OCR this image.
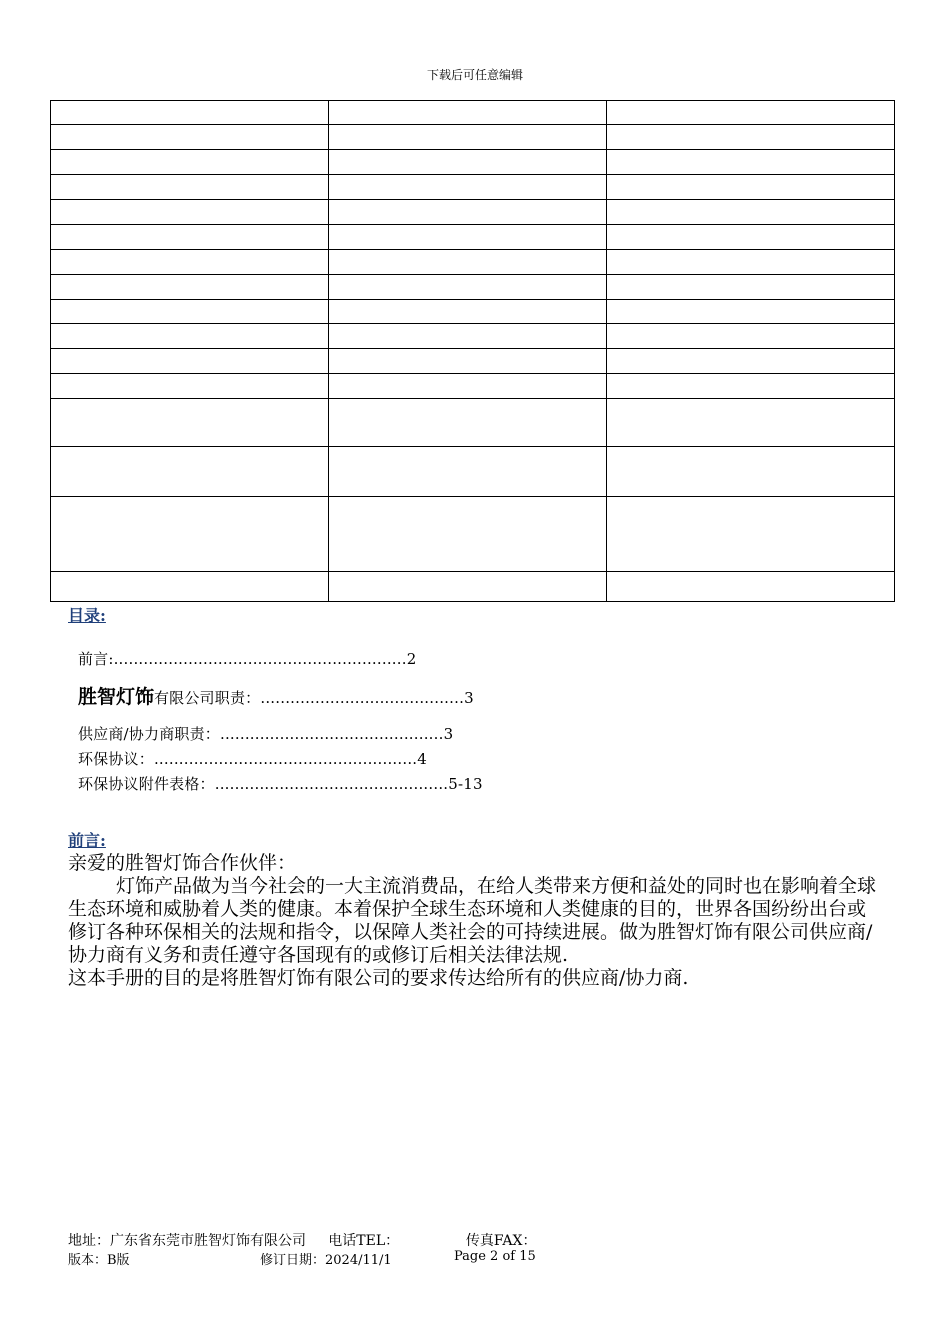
下载后可任意编辑

目录:

前言:...........................................................2

胜智灯饰有限公司职责：.........................................3

供应商/协力商职责：.............................................3

环保协议：.....................................................4

环保协议附件表格：...............................................5-13

前言:

亲爱的胜智灯饰合作伙伴：

灯饰产品做为当今社会的一大主流消费品，在给人类带来方便和益处的同时也在影响着全球生态环境和威胁着人类的健康。本着保护全球生态环境和人类健康的目的，世界各国纷纷出台或修订各种环保相关的法规和指令，以保障人类社会的可持续进展。做为胜智灯饰有限公司供应商/协力商有义务和责任遵守各国现有的或修订后相关法律法规.

这本手册的目的是将胜智灯饰有限公司的要求传达给所有的供应商/协力商.

地址：广东省东莞市胜智灯饰有限公司 电话TEL：	传真FAX：
版本：B版	修订日期：2024/11/1	Page 2 of 15
